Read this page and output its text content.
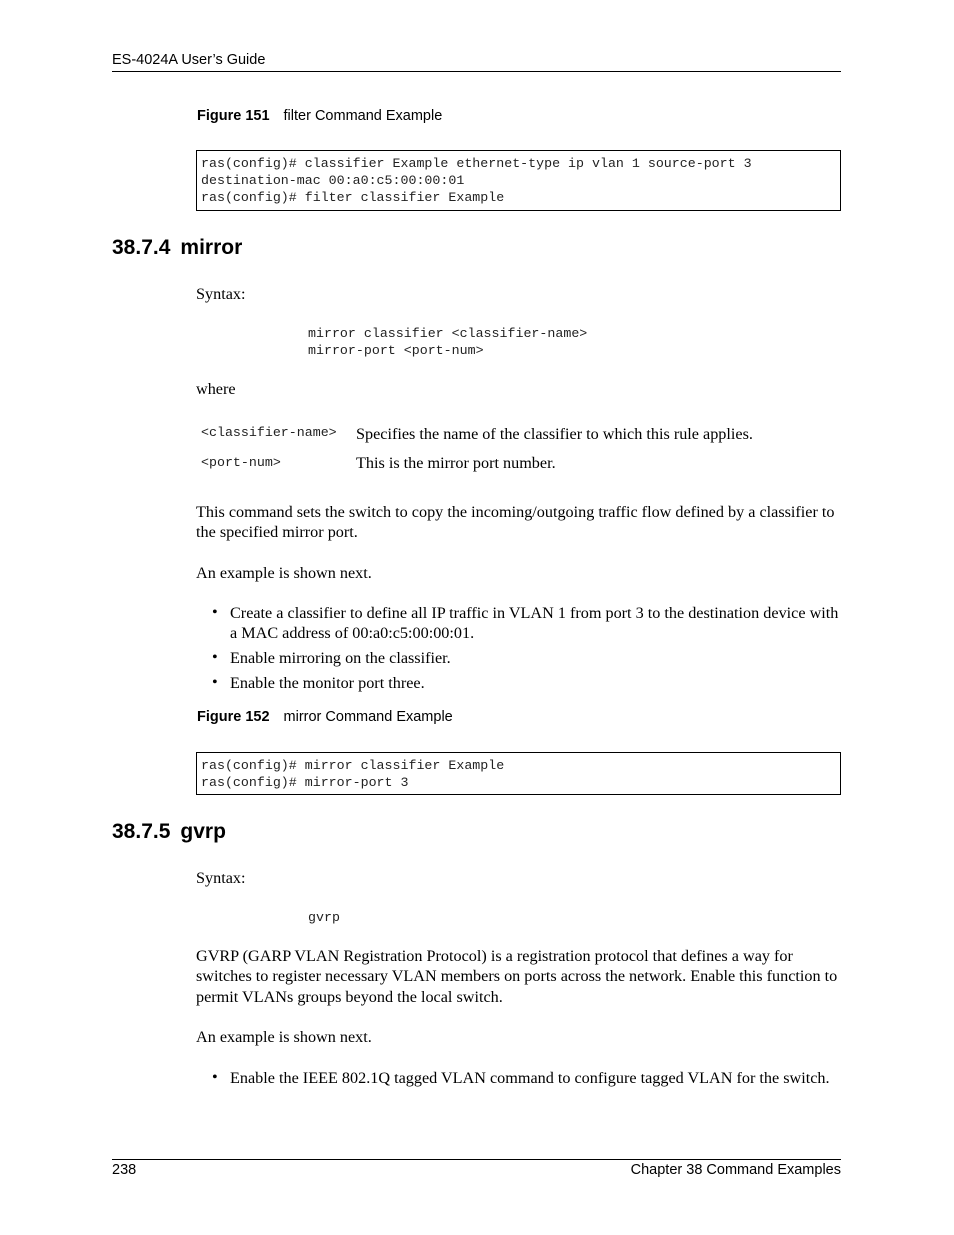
ES-4024A User’s Guide
Figure 151 filter Command Example
ras(config)# classifier Example ethernet-type ip vlan 1 source-port 3
destination-mac 00:a0:c5:00:00:01
ras(config)# filter classifier Example
38.7.4 mirror
Syntax:
mirror classifier <classifier-name>
mirror-port <port-num>
where
<classifier-name> Specifies the name of the classifier to which this rule applies.
<port-num>	This is the mirror port number.
This command sets the switch to copy the incoming/outgoing traffic flow defined by a classifier to the specified mirror port.
An example is shown next.
• Create a classifier to define all IP traffic in VLAN 1 from port 3 to the destination device with a MAC address of 00:a0:c5:00:00:01.
• Enable mirroring on the classifier.
• Enable the monitor port three.
Figure 152 mirror Command Example
ras(config)# mirror classifier Example
ras(config)# mirror-port 3
38.7.5 gvrp
Syntax:
gvrp
GVRP (GARP VLAN Registration Protocol) is a registration protocol that defines a way for switches to register necessary VLAN members on ports across the network. Enable this function to permit VLANs groups beyond the local switch.
An example is shown next.
• Enable the IEEE 802.1Q tagged VLAN command to configure tagged VLAN for the switch.
238	Chapter 38 Command Examples
